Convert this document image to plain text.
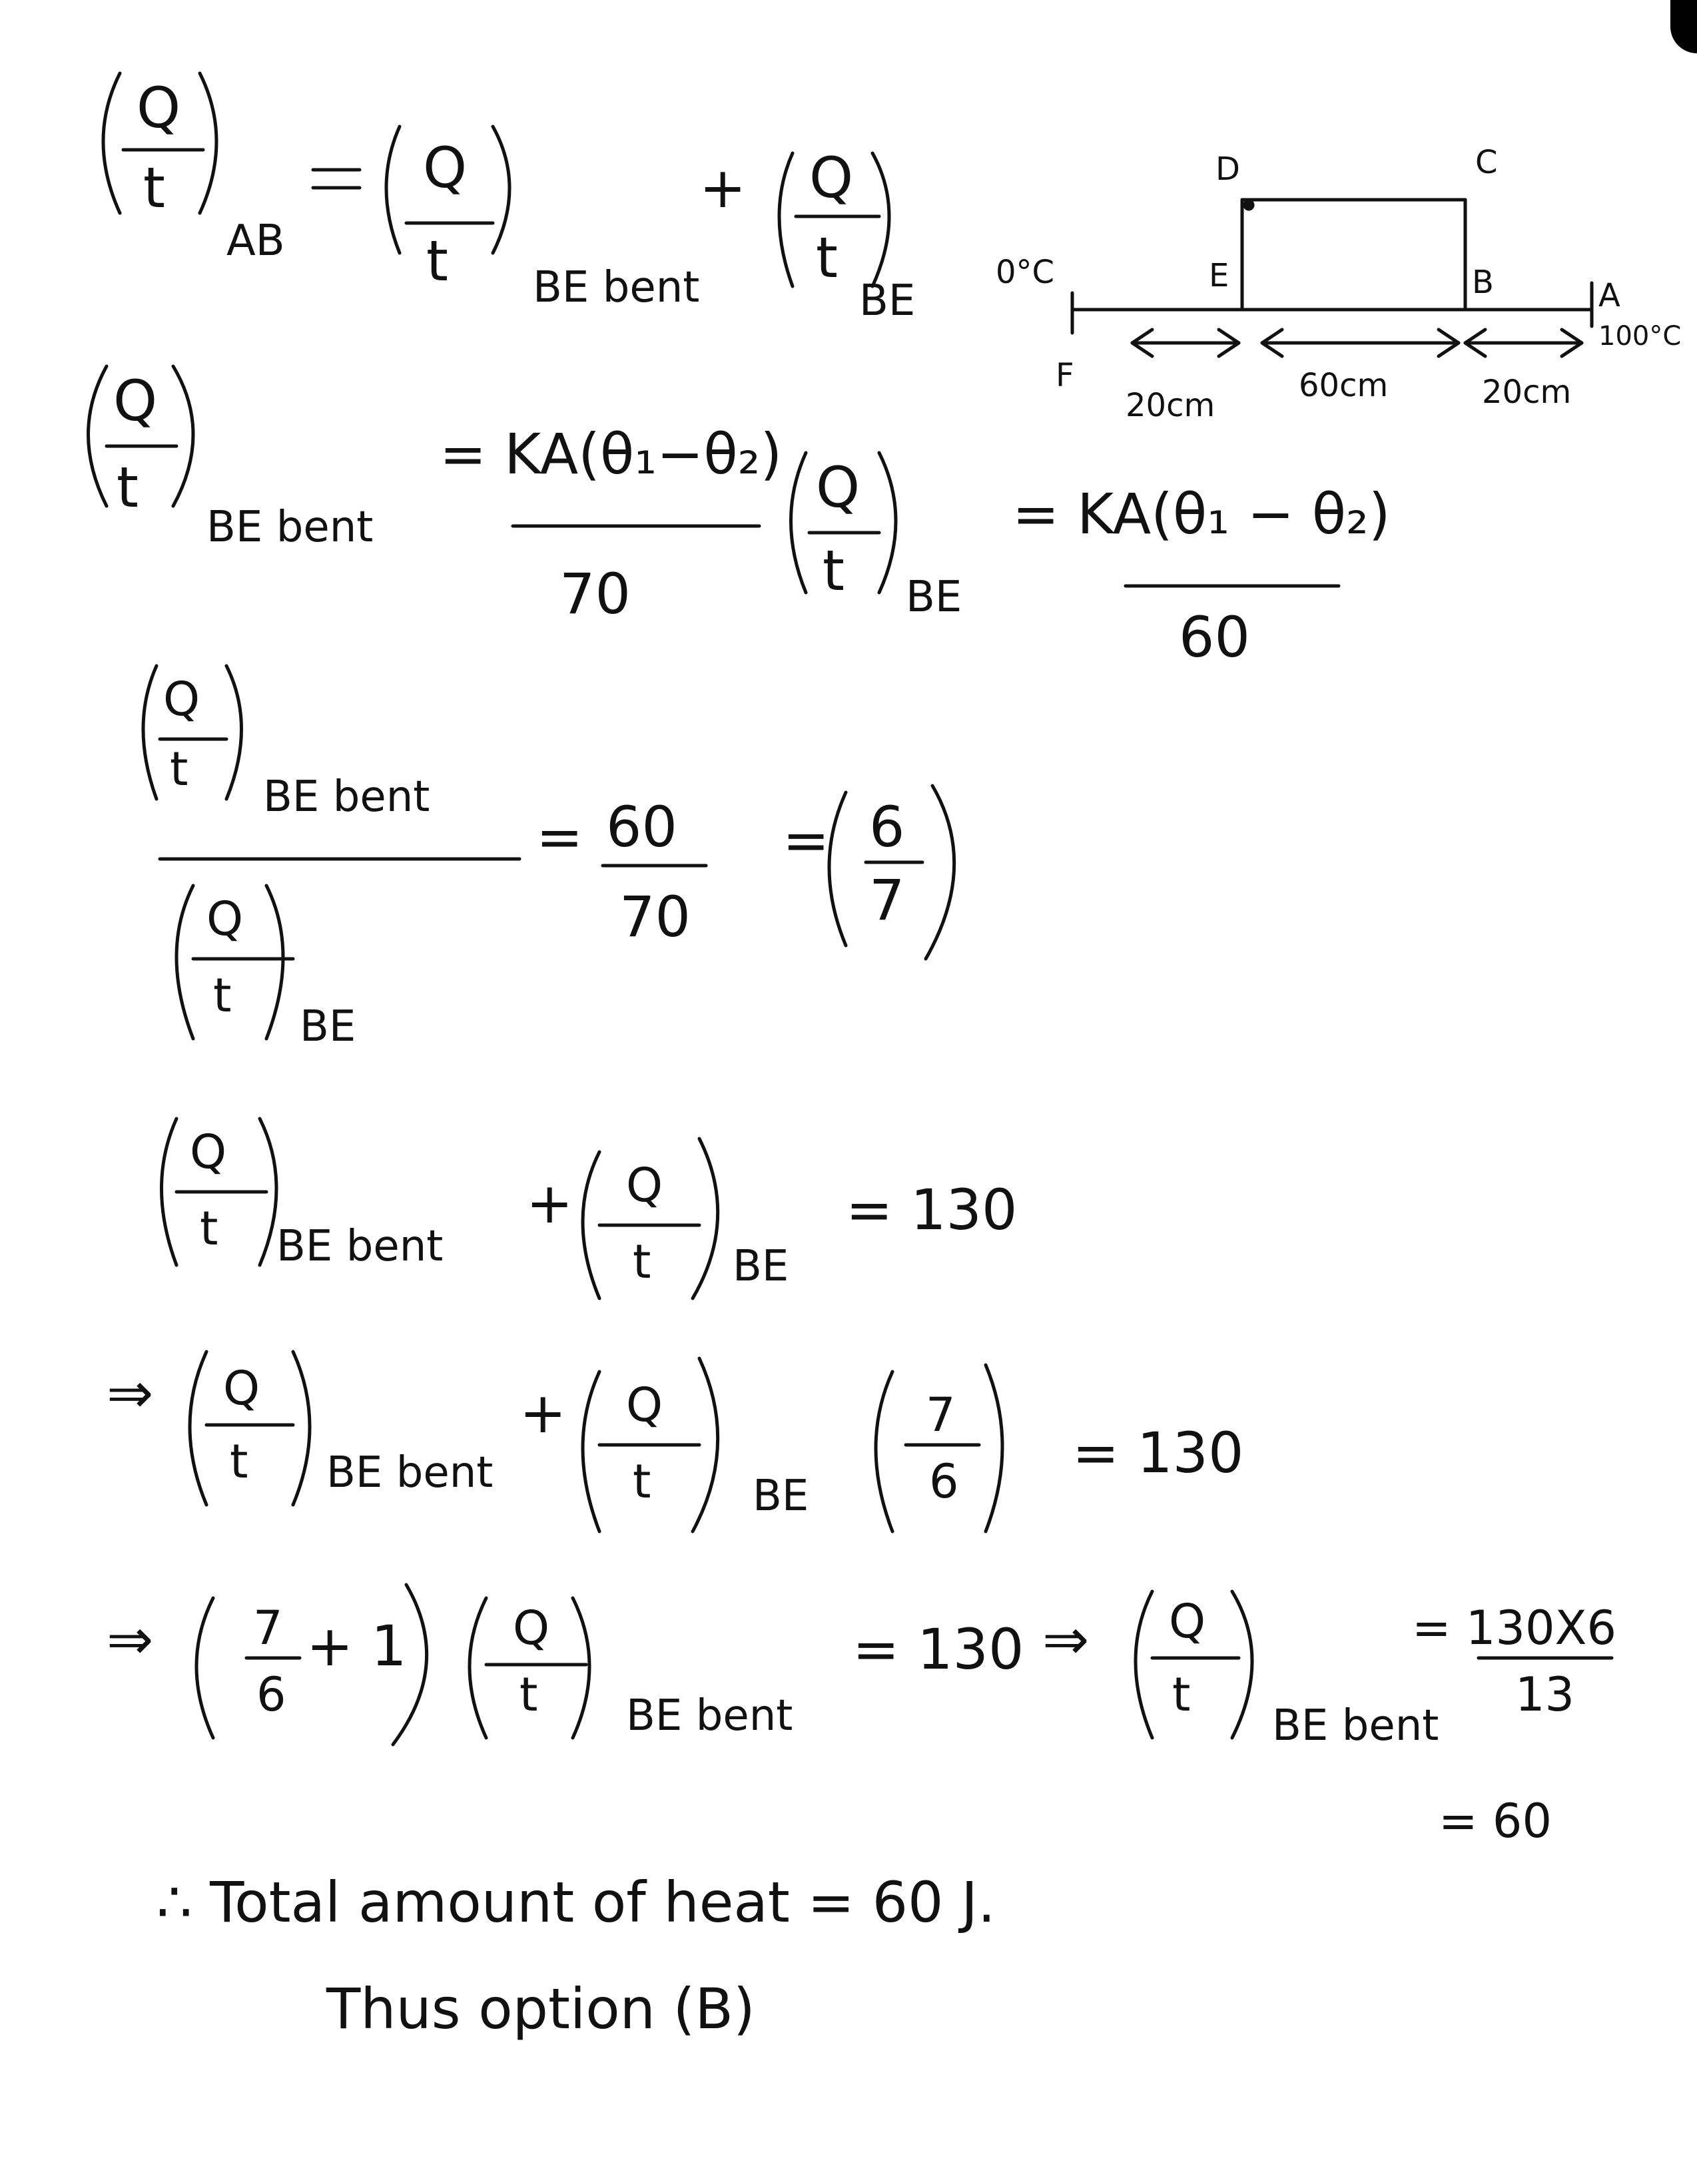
Q
t
AB
Q
t BE bent
+ Q
t
BE
Q
t
BE bent
= KA(θ₁−θ₂)
70
Q
t BE
= KA(θ₁ − θ₂)
60
Q
t
BE bent
Q
t
BE
= 60
70
= 6
7
Q
t BE bent
+ Q
t BE
= 130
⇒ Q
t BE bent
+ Q
t BE
7
6 = 130
⇒ 7
6
+ 1 Q
t BE bent
= 130 ⇒ Q
t
BE bent
= 130X6
13
= 60
∴ Total amount of heat = 60 J.
Thus option (B)
D	C
E	B	A
F
0°C
100°C
20cm
60cm	20cm
